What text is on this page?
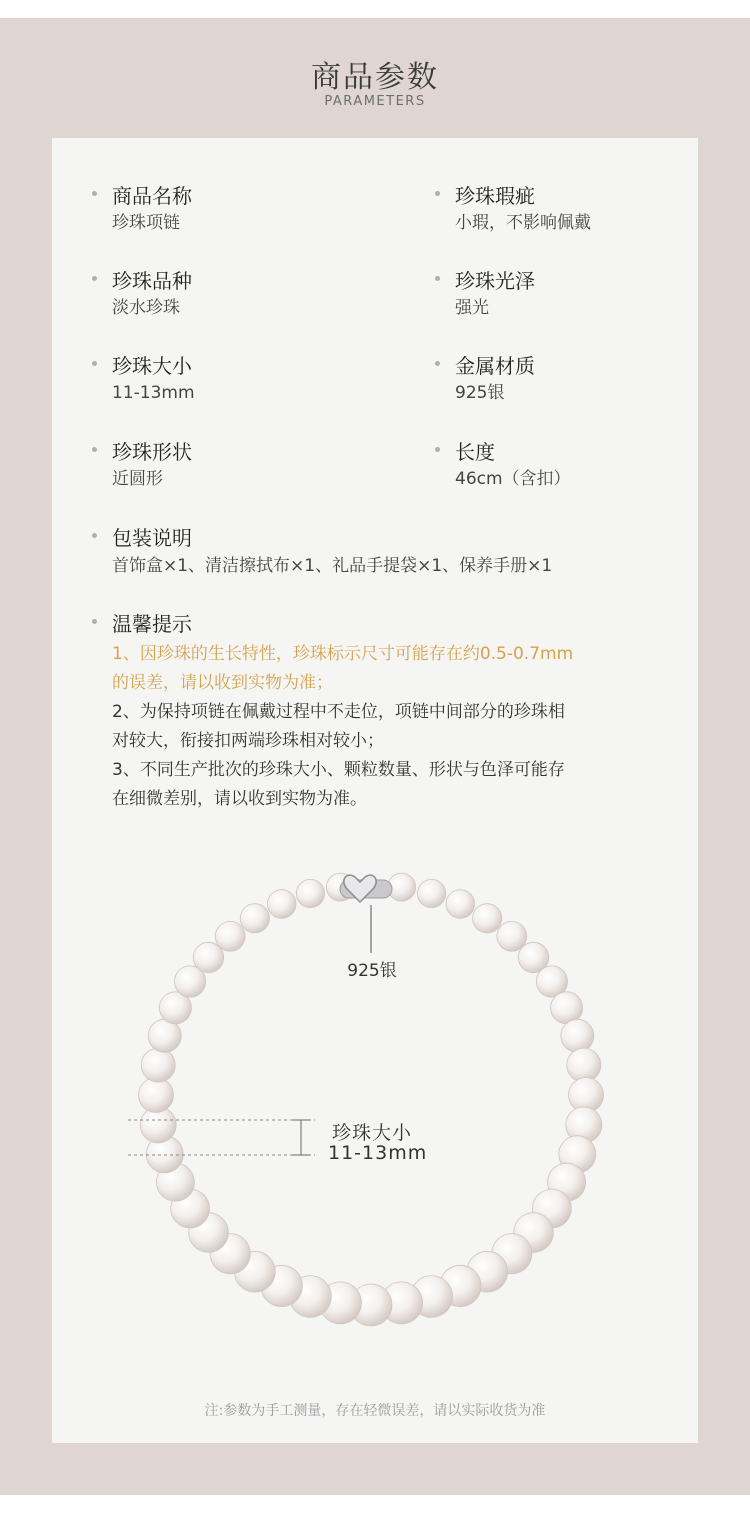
商品参数
PARAMETERS
商品名称
珍珠项链
珍珠瑕疵
小瑕，不影响佩戴
珍珠品种
淡水珍珠
珍珠光泽
强光
珍珠大小
11-13mm
金属材质
925银
珍珠形状
近圆形
长度
46cm（含扣）
包装说明
首饰盒×1、清洁擦拭布×1、礼品手提袋×1、保养手册×1
温馨提示
1、因珍珠的生长特性，珍珠标示尺寸可能存在约0.5-0.7mm
的误差，请以收到实物为准；
2、为保持项链在佩戴过程中不走位，项链中间部分的珍珠相
对较大，衔接扣两端珍珠相对较小；
3、不同生产批次的珍珠大小、颗粒数量、形状与色泽可能存
在细微差别，请以收到实物为准。
925银
珍珠大小
11-13mm
注:参数为手工测量，存在轻微误差，请以实际收货为准
